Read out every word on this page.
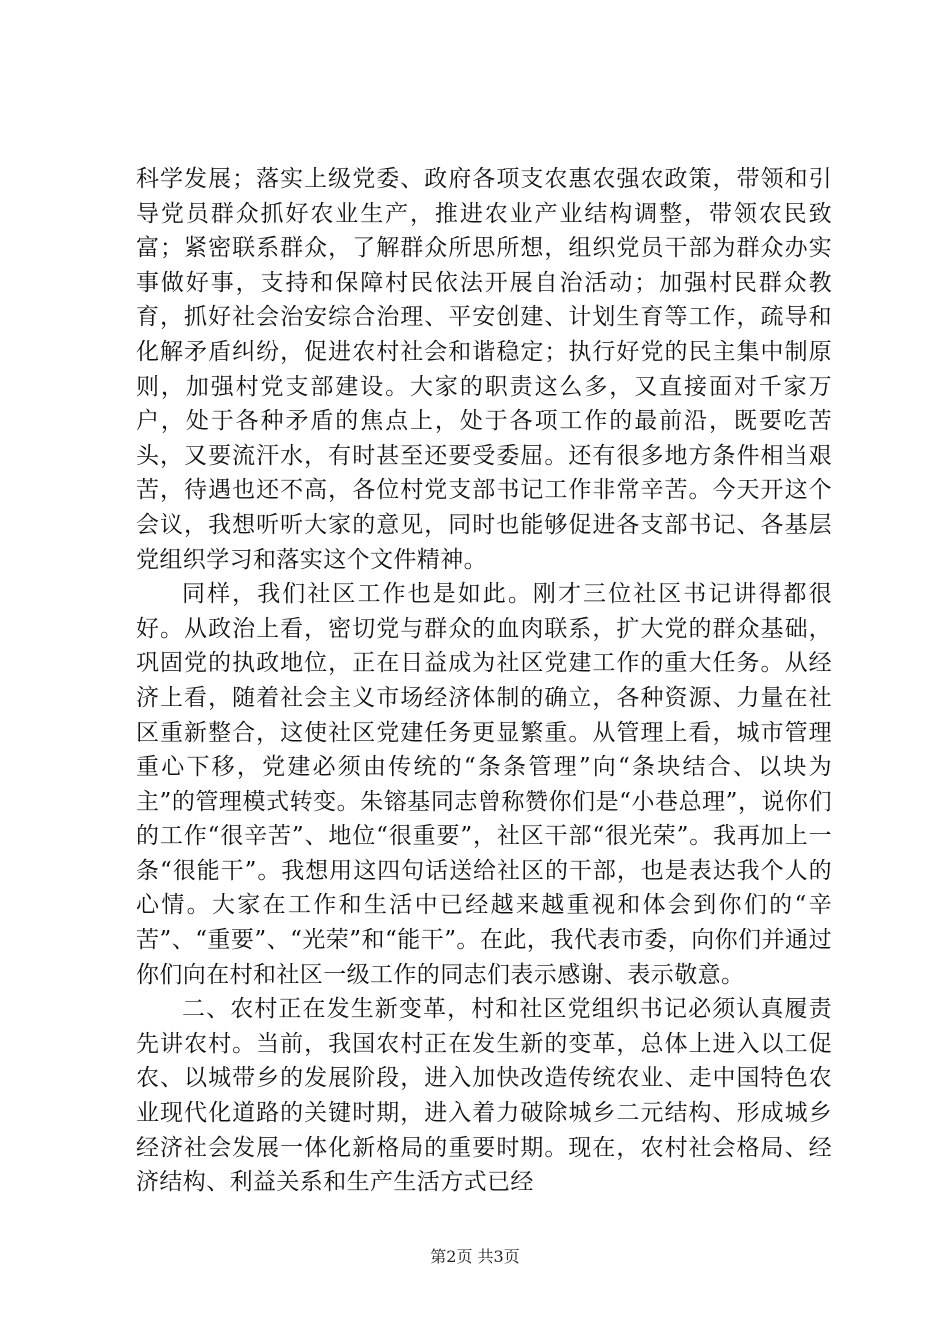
科学发展；落实上级党委、政府各项支农惠农强农政策，带领和引导党员群众抓好农业生产，推进农业产业结构调整，带领农民致富；紧密联系群众，了解群众所思所想，组织党员干部为群众办实事做好事，支持和保障村民依法开展自治活动；加强村民群众教育，抓好社会治安综合治理、平安创建、计划生育等工作，疏导和化解矛盾纠纷，促进农村社会和谐稳定；执行好党的民主集中制原则，加强村党支部建设。大家的职责这么多，又直接面对千家万户，处于各种矛盾的焦点上，处于各项工作的最前沿，既要吃苦头，又要流汗水，有时甚至还要受委屈。还有很多地方条件相当艰苦，待遇也还不高，各位村党支部书记工作非常辛苦。今天开这个会议，我想听听大家的意见，同时也能够促进各支部书记、各基层党组织学习和落实这个文件精神。

同样，我们社区工作也是如此。刚才三位社区书记讲得都很好。从政治上看，密切党与群众的血肉联系，扩大党的群众基础，巩固党的执政地位，正在日益成为社区党建工作的重大任务。从经济上看，随着社会主义市场经济体制的确立，各种资源、力量在社区重新整合，这使社区党建任务更显繁重。从管理上看，城市管理重心下移，党建必须由传统的“条条管理”向“条块结合、以块为主”的管理模式转变。朱镕基同志曾称赞你们是“小巷总理”，说你们的工作“很辛苦”、地位“很重要”，社区干部“很光荣”。我再加上一条“很能干”。我想用这四句话送给社区的干部，也是表达我个人的心情。大家在工作和生活中已经越来越重视和体会到你们的“辛苦”、“重要”、“光荣”和“能干”。在此，我代表市委，向你们并通过你们向在村和社区一级工作的同志们表示感谢、表示敬意。

二、农村正在发生新变革，村和社区党组织书记必须认真履责先讲农村。当前，我国农村正在发生新的变革，总体上进入以工促农、以城带乡的发展阶段，进入加快改造传统农业、走中国特色农业现代化道路的关键时期，进入着力破除城乡二元结构、形成城乡经济社会发展一体化新格局的重要时期。现在，农村社会格局、经济结构、利益关系和生产生活方式已经

第2页 共3页
